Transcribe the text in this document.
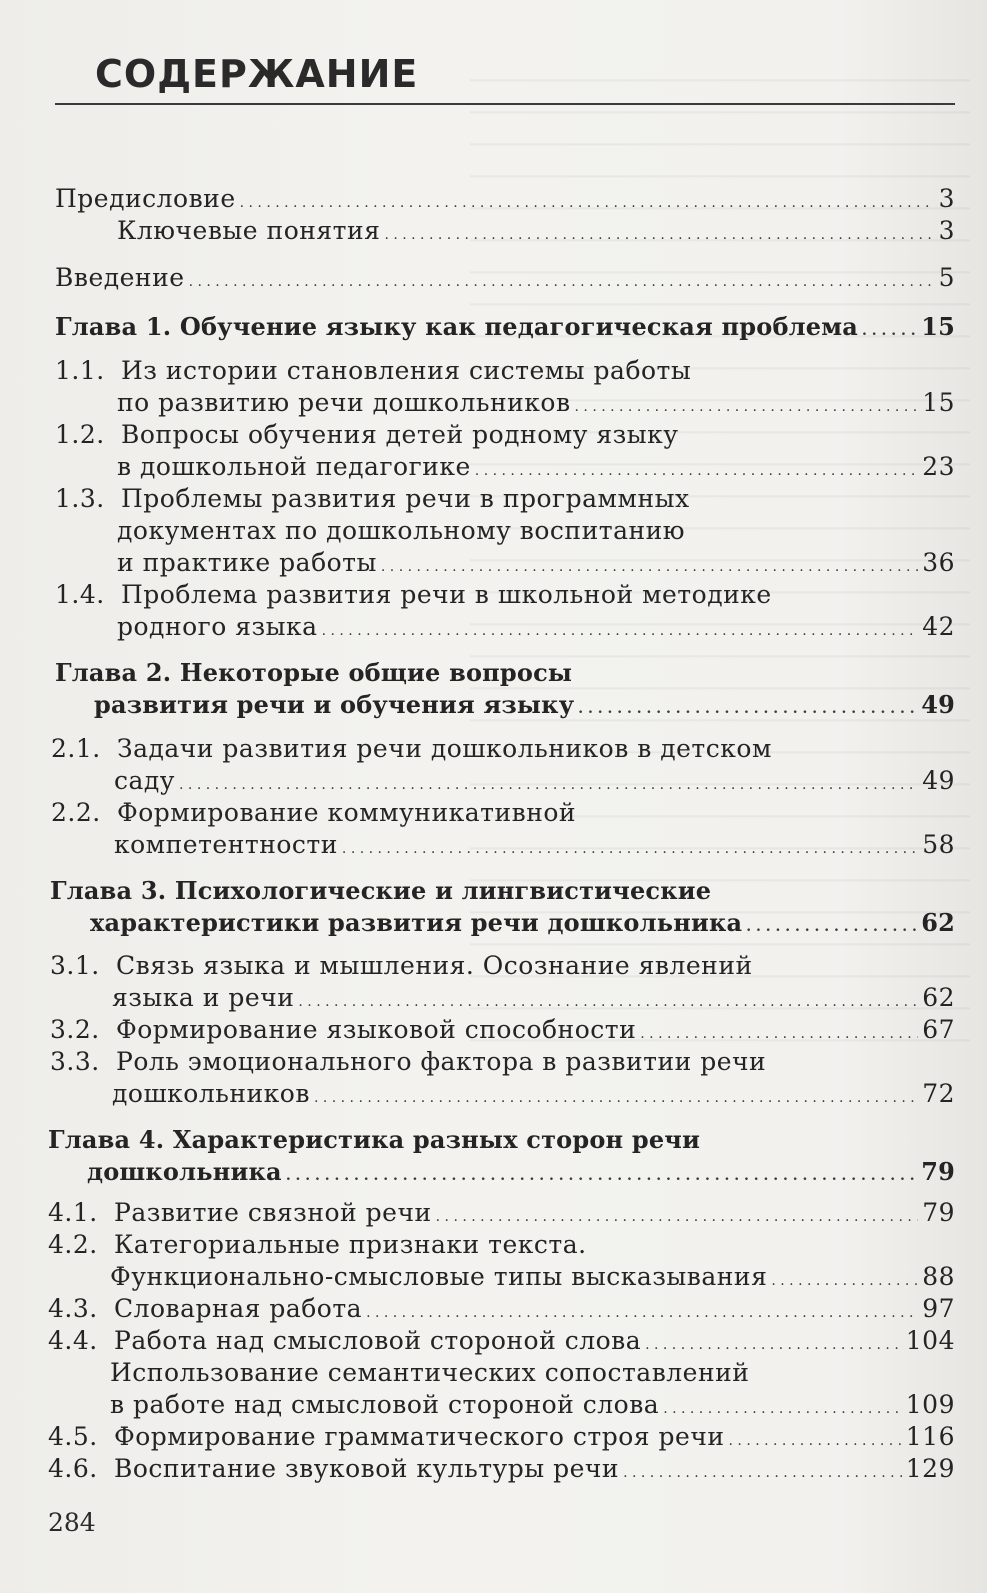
СОДЕРЖАНИЕ
Предисловие . . .	3
Ключевые понятия . . .	3
Введение . . .	5
Глава 1. Обучение языку как педагогическая проблема . . .	15
1.1. Из истории становления системы работы
по развитию речи дошкольников . . .	15
1.2. Вопросы обучения детей родному языку
в дошкольной педагогике . . .	23
1.3. Проблемы развития речи в программных
документах по дошкольному воспитанию
и практике работы . . .	36
1.4. Проблема развития речи в школьной методике
родного языка . . .	42
Глава 2. Некоторые общие вопросы
развития речи и обучения языку . . .	49
2.1. Задачи развития речи дошкольников в детском
саду . . .	49
2.2. Формирование коммуникативной
компетентности . . .	58
Глава 3. Психологические и лингвистические
характеристики развития речи дошкольника . . .	62
3.1. Связь языка и мышления. Осознание явлений
языка и речи . . .	62
3.2. Формирование языковой способности . . .	67
3.3. Роль эмоционального фактора в развитии речи
дошкольников . . .	72
Глава 4. Характеристика разных сторон речи
дошкольника . . .	79
4.1. Развитие связной речи . . .	79
4.2. Категориальные признаки текста.
Функционально-смысловые типы высказывания . . .	88
4.3. Словарная работа . . .	97
4.4. Работа над смысловой стороной слова . . .	104
Использование семантических сопоставлений
в работе над смысловой стороной слова . . .	109
4.5. Формирование грамматического строя речи . . .	116
4.6. Воспитание звуковой культуры речи . . .	129
284
